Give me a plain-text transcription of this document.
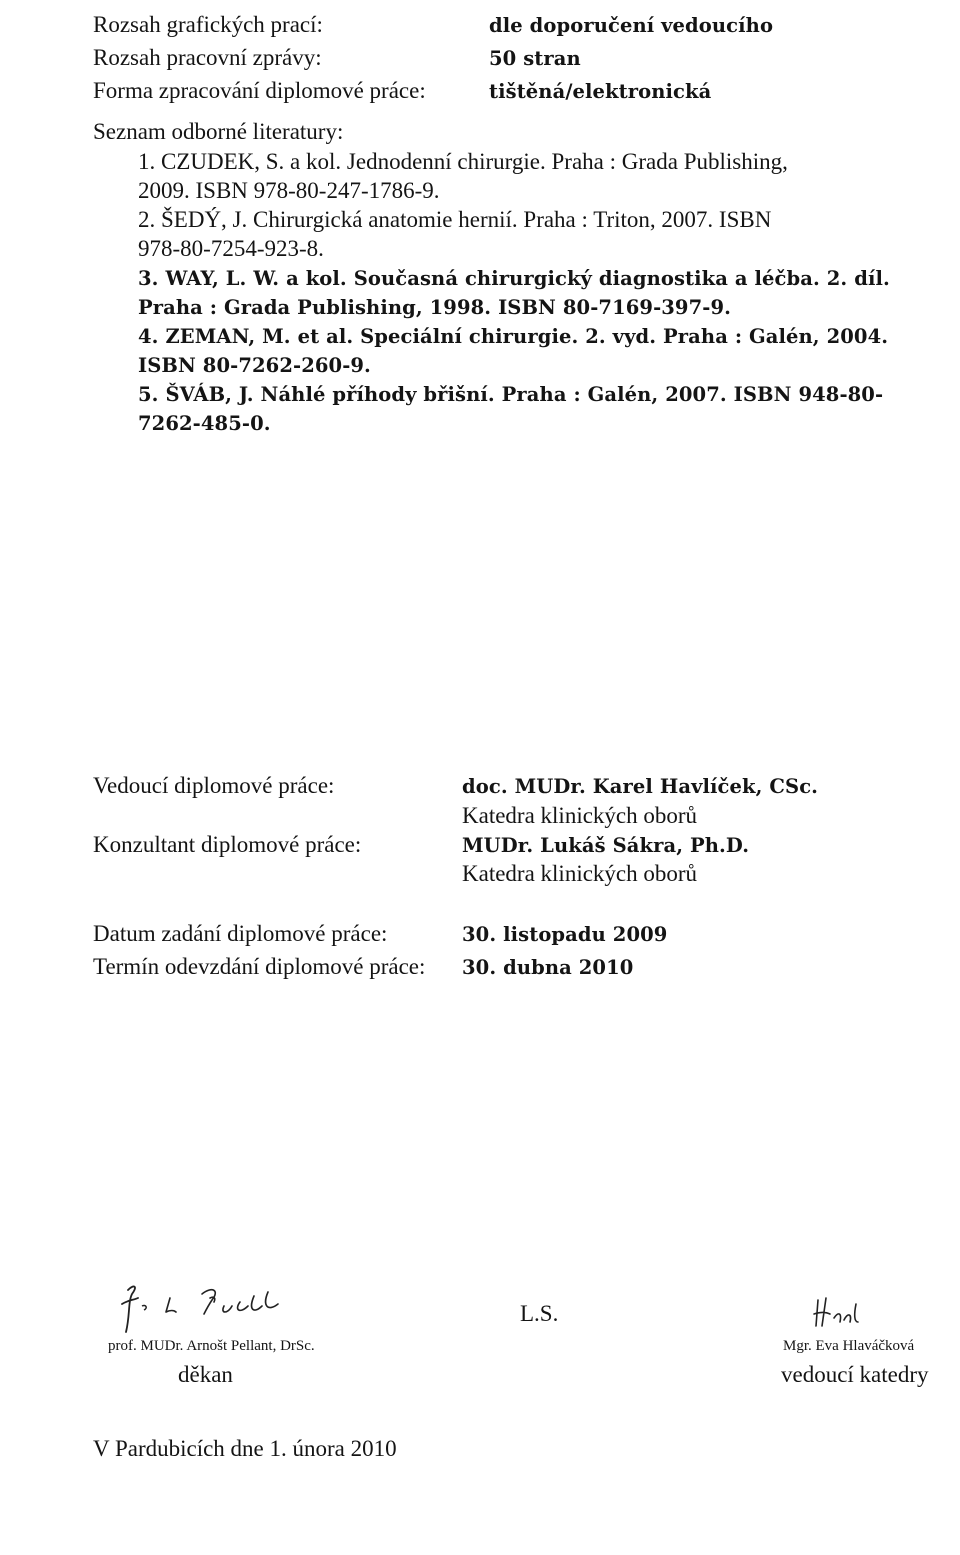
Rozsah grafických prací:	dle doporučení vedoucího
Rozsah pracovní zprávy:	50 stran
Forma zpracování diplomové práce:	tištěná/elektronická
Seznam odborné literatury:
1. CZUDEK, S. a kol. Jednodenní chirurgie. Praha : Grada Publishing,
2009. ISBN 978-80-247-1786-9.
2. ŠEDÝ, J. Chirurgická anatomie hernií. Praha : Triton, 2007. ISBN
978-80-7254-923-8.
3. WAY, L. W. a kol. Současná chirurgický diagnostika a léčba. 2. díl.
Praha : Grada Publishing, 1998. ISBN 80-7169-397-9.
4. ZEMAN, M. et al. Speciální chirurgie. 2. vyd. Praha : Galén, 2004.
ISBN 80-7262-260-9.
5. ŠVÁB, J. Náhlé příhody břišní. Praha : Galén, 2007. ISBN 948-80-
7262-485-0.
Vedoucí diplomové práce:	doc. MUDr. Karel Havlíček, CSc.
Katedra klinických oborů
Konzultant diplomové práce:	MUDr. Lukáš Sákra, Ph.D.
Katedra klinických oborů
Datum zadání diplomové práce:	30. listopadu 2009
Termín odevzdání diplomové práce: 30. dubna 2010
prof. MUDr. Arnošt Pellant, DrSc.
děkan
L.S.
Mgr. Eva Hlaváčková
vedoucí katedry
V Pardubicích dne 1. února 2010
